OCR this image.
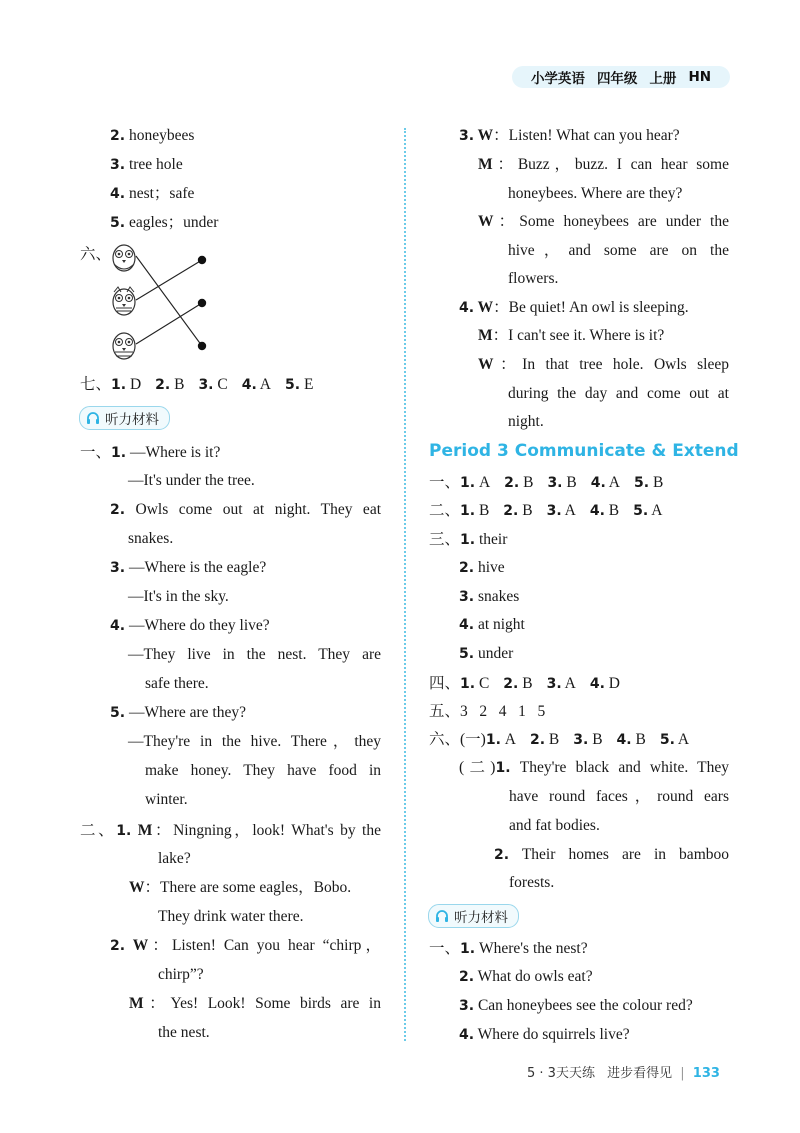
小学英语 四年级 上册 HN
2. honeybees
3. tree hole
4. nest；safe
5. eagles；under
六、
七、1. D 2. B 3. C 4. A 5. E
听力材料
一、1. —Where is it?
—It's under the tree.
2. Owls come out at night. They eat
snakes.
3. —Where is the eagle?
—It's in the sky.
4. —Where do they live?
—They live in the nest. They are
safe there.
5. —Where are they?
—They're in the hive. There，they
make honey. They have food in
winter.
二、1. M：Ningning，look! What's by the
lake?
W：There are some eagles，Bobo.
They drink water there.
2. W：Listen! Can you hear “chirp，
chirp”?
M：Yes! Look! Some birds are in
the nest.
3. W：Listen! What can you hear?
M：Buzz，buzz. I can hear some
honeybees. Where are they?
W：Some honeybees are under the
hive，and some are on the
flowers.
4. W：Be quiet! An owl is sleeping.
M：I can't see it. Where is it?
W：In that tree hole. Owls sleep
during the day and come out at
night.
Period 3 Communicate & Extend
一、1. A 2. B 3. B 4. A 5. B
二、1. B 2. B 3. A 4. B 5. A
三、1. their
2. hive
3. snakes
4. at night
5. under
四、1. C 2. B 3. A 4. D
五、3   2   4   1   5
六、(一)1. A 2. B 3. B 4. B 5. A
(二)1. They're black and white. They
have round faces，round ears
and fat bodies.
2. Their homes are in bamboo
forests.
听力材料
一、1. Where's the nest?
2. What do owls eat?
3. Can honeybees see the colour red?
4. Where do squirrels live?
5 · 3天天练 进步看得见 | 133
